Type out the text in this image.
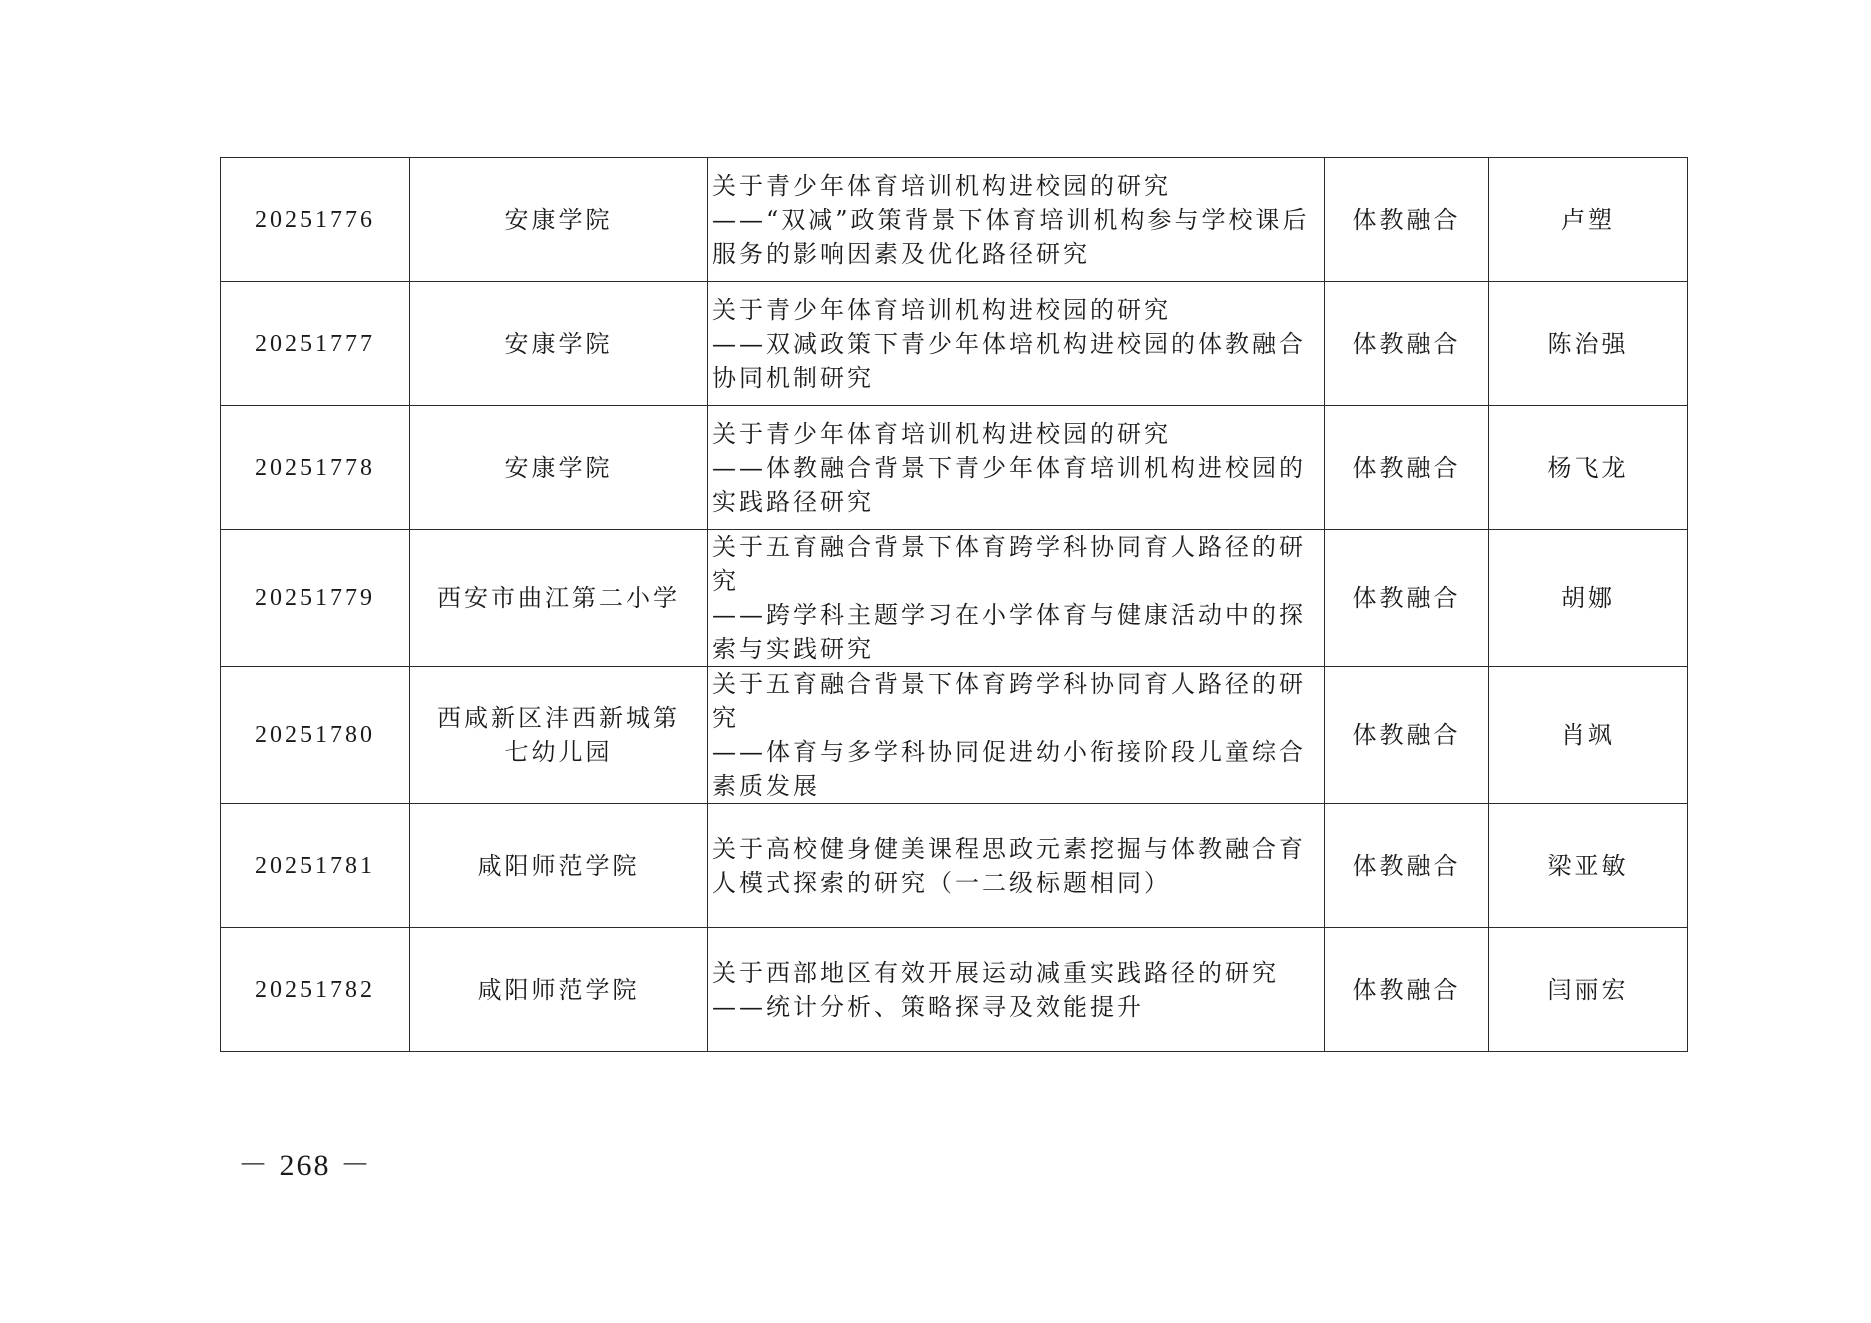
20251776	安康学院	关于青少年体育培训机构进校园的研究
——“双减”政策背景下体育培训机构参与学校课后服务的影响因素及优化路径研究	体教融合	卢塑

20251777	安康学院	关于青少年体育培训机构进校园的研究
——双减政策下青少年体培机构进校园的体教融合协同机制研究	体教融合	陈治强

20251778	安康学院	关于青少年体育培训机构进校园的研究
——体教融合背景下青少年体育培训机构进校园的实践路径研究	体教融合	杨飞龙

20251779	西安市曲江第二小学	关于五育融合背景下体育跨学科协同育人路径的研究
——跨学科主题学习在小学体育与健康活动中的探索与实践研究	体教融合	胡娜

20251780	西咸新区沣西新城第七幼儿园	关于五育融合背景下体育跨学科协同育人路径的研究
——体育与多学科协同促进幼小衔接阶段儿童综合素质发展	体教融合	肖飒

20251781	咸阳师范学院	关于高校健身健美课程思政元素挖掘与体教融合育人模式探索的研究（一二级标题相同）	体教融合	梁亚敏

20251782	咸阳师范学院	关于西部地区有效开展运动减重实践路径的研究
——统计分析、策略探寻及效能提升	体教融合	闫丽宏
－ 268 －
